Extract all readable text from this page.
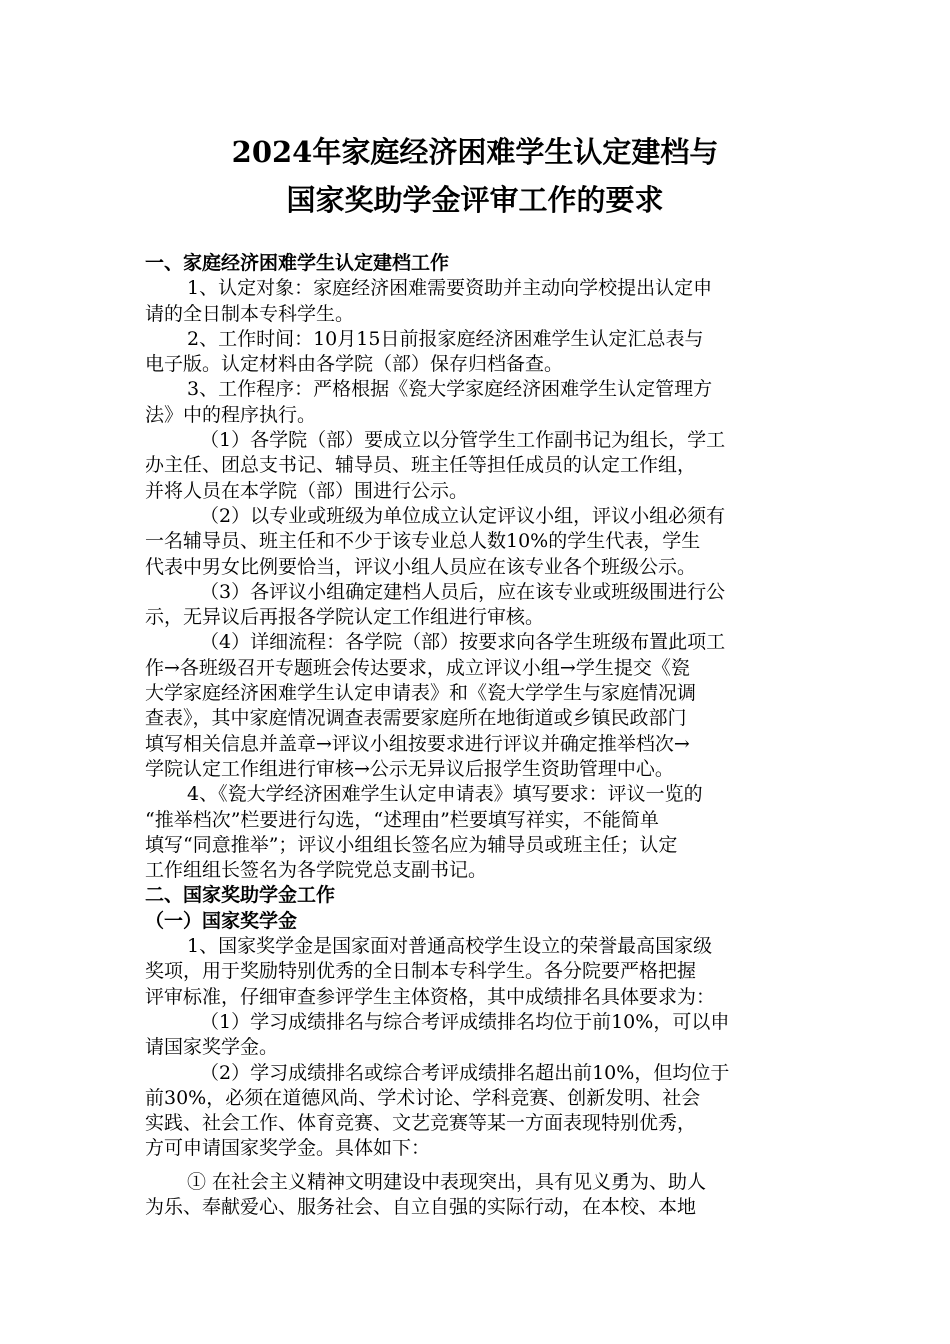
2024年家庭经济困难学生认定建档与
国家奖助学金评审工作的要求
一、家庭经济困难学生认定建档工作
1、认定对象：家庭经济困难需要资助并主动向学校提出认定申
请的全日制本专科学生。
2、工作时间：10月15日前报家庭经济困难学生认定汇总表与
电子版。认定材料由各学院（部）保存归档备查。
3、工作程序：严格根据《瓷大学家庭经济困难学生认定管理方
法》中的程序执行。
（1）各学院（部）要成立以分管学生工作副书记为组长，学工
办主任、团总支书记、辅导员、班主任等担任成员的认定工作组，
并将人员在本学院（部）围进行公示。
（2）以专业或班级为单位成立认定评议小组，评议小组必须有
一名辅导员、班主任和不少于该专业总人数10%的学生代表，学生
代表中男女比例要恰当，评议小组人员应在该专业各个班级公示。
（3）各评议小组确定建档人员后，应在该专业或班级围进行公
示，无异议后再报各学院认定工作组进行审核。
（4）详细流程：各学院（部）按要求向各学生班级布置此项工
作→各班级召开专题班会传达要求，成立评议小组→学生提交《瓷
大学家庭经济困难学生认定申请表》和《瓷大学学生与家庭情况调
查表》，其中家庭情况调查表需要家庭所在地街道或乡镇民政部门
填写相关信息并盖章→评议小组按要求进行评议并确定推举档次→
学院认定工作组进行审核→公示无异议后报学生资助管理中心。
4、《瓷大学经济困难学生认定申请表》填写要求：评议一览的
“推举档次”栏要进行勾选，“述理由”栏要填写祥实，不能简单
填写“同意推举”；评议小组组长签名应为辅导员或班主任；认定
工作组组长签名为各学院党总支副书记。
二、国家奖助学金工作
（一）国家奖学金
1、国家奖学金是国家面对普通高校学生设立的荣誉最高国家级
奖项，用于奖励特别优秀的全日制本专科学生。各分院要严格把握
评审标准，仔细审查参评学生主体资格，其中成绩排名具体要求为：
（1）学习成绩排名与综合考评成绩排名均位于前10%，可以申
请国家奖学金。
（2）学习成绩排名或综合考评成绩排名超出前10%，但均位于
前30%，必须在道德风尚、学术讨论、学科竞赛、创新发明、社会
实践、社会工作、体育竞赛、文艺竞赛等某一方面表现特别优秀，
方可申请国家奖学金。具体如下：
① 在社会主义精神文明建设中表现突出，具有见义勇为、助人
为乐、奉献爱心、服务社会、自立自强的实际行动，在本校、本地
